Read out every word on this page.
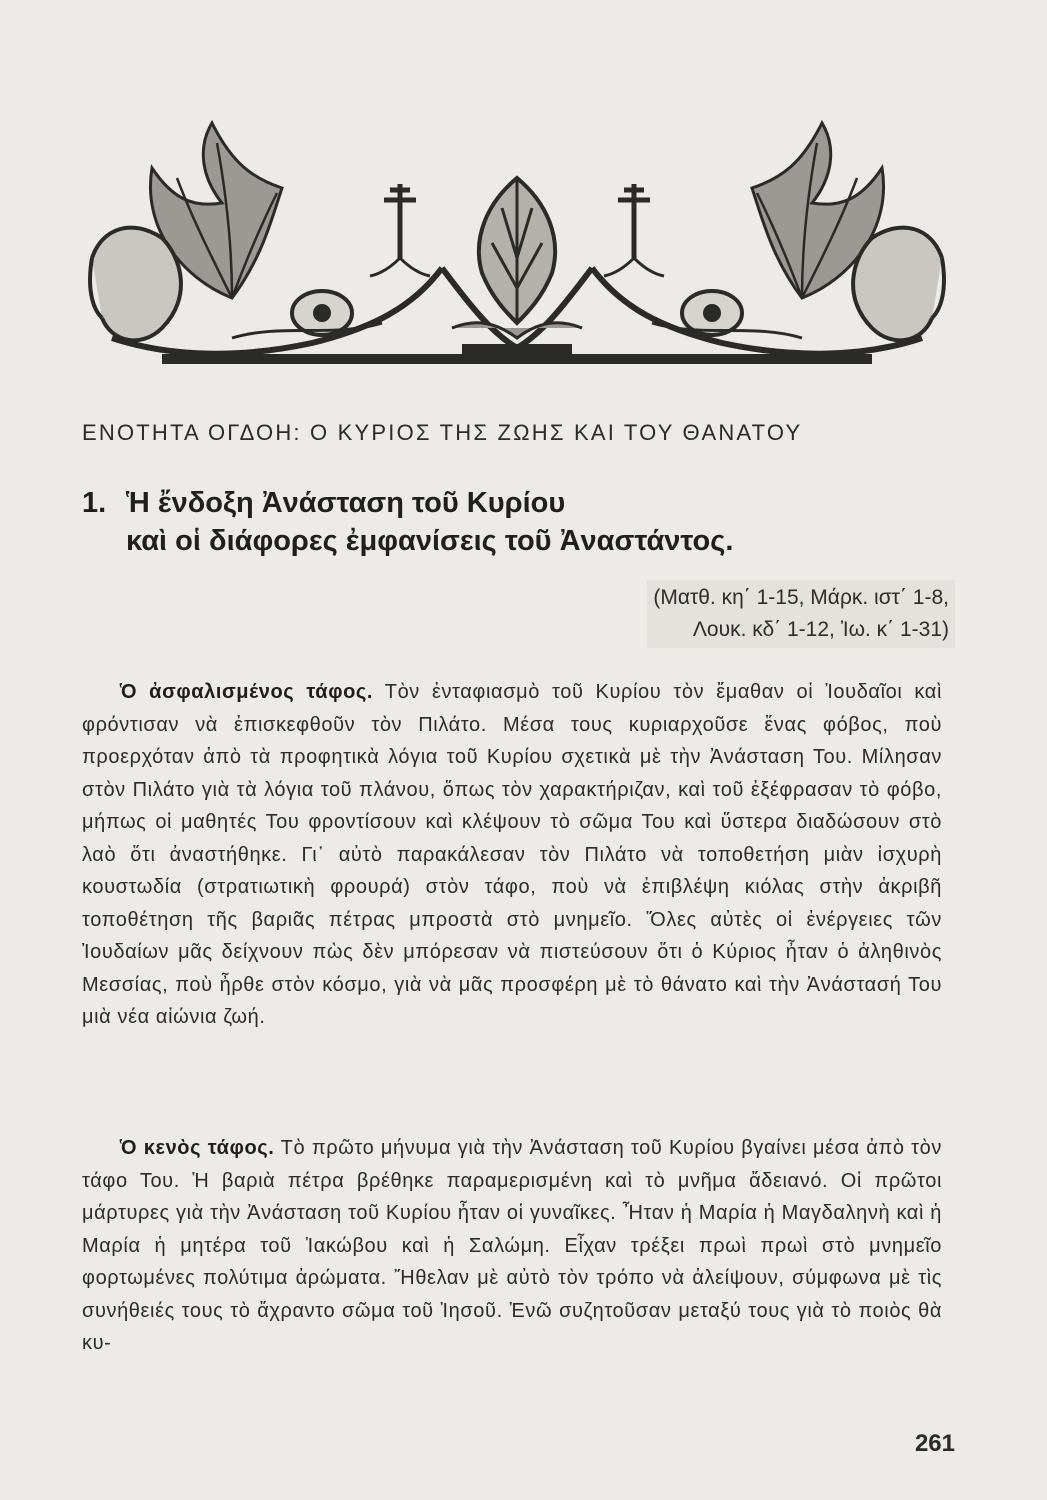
ΕΝΟΤΗΤΑ ΟΓΔΟΗ: Ο ΚΥΡΙΟΣ ΤΗΣ ΖΩΗΣ ΚΑΙ ΤΟΥ ΘΑΝΑΤΟΥ
1. Ἡ ἔνδοξη Ἀνάσταση τοῦ Κυρίου
καὶ οἱ διάφορες ἐμφανίσεις τοῦ Ἀναστάντος.
(Ματθ. κη΄ 1-15, Μάρκ. ιστ΄ 1-8,
Λουκ. κδ΄ 1-12, Ἰω. κ΄ 1-31)

Ὁ ἀσφαλισμένος τάφος. Τὸν ἐνταφιασμὸ τοῦ Κυρίου τὸν ἔμαθαν οἱ Ἰουδαῖοι καὶ φρόντισαν νὰ ἐπισκεφθοῦν τὸν Πιλάτο. Μέσα τους κυριαρχοῦσε ἕνας φόβος, ποὺ προερχόταν ἀπὸ τὰ προφητικὰ λόγια τοῦ Κυρίου σχετικὰ μὲ τὴν Ἀνάσταση Του. Μίλησαν στὸν Πιλάτο γιὰ τὰ λόγια τοῦ πλάνου, ὅπως τὸν χαρακτήριζαν, καὶ τοῦ ἐξέφρασαν τὸ φόβο, μήπως οἱ μαθητές Του φροντίσουν καὶ κλέψουν τὸ σῶμα Του καὶ ὕστερα διαδώσουν στὸ λαὸ ὅτι ἀναστήθηκε. Γι᾿ αὐτὸ παρακάλεσαν τὸν Πιλάτο νὰ τοποθετήση μιὰν ἰσχυρὴ κουστωδία (στρατιωτικὴ φρουρά) στὸν τάφο, ποὺ νὰ ἐπιβλέψη κιόλας στὴν ἀκριβῆ τοποθέτηση τῆς βαριᾶς πέτρας μπροστὰ στὸ μνημεῖο. Ὅλες αὐτὲς οἱ ἐνέργειες τῶν Ἰουδαίων μᾶς δείχνουν πὼς δὲν μπόρεσαν νὰ πιστεύσουν ὅτι ὁ Κύριος ἦταν ὁ ἀληθινὸς Μεσσίας, ποὺ ἦρθε στὸν κόσμο, γιὰ νὰ μᾶς προσφέρη μὲ τὸ θάνατο καὶ τὴν Ἀνάστασή Του μιὰ νέα αἰώνια ζωή.

Ὁ κενὸς τάφος. Τὸ πρῶτο μήνυμα γιὰ τὴν Ἀνάσταση τοῦ Κυρίου βγαίνει μέσα ἀπὸ τὸν τάφο Του. Ἡ βαριὰ πέτρα βρέθηκε παραμερισμένη καὶ τὸ μνῆμα ἄδειανό. Οἱ πρῶτοι μάρτυρες γιὰ τὴν Ἀνάσταση τοῦ Κυρίου ἦταν οἱ γυναῖκες. Ἦταν ἡ Μαρία ἡ Μαγδαληνὴ καὶ ἡ Μαρία ἡ μητέρα τοῦ Ἰακώβου καὶ ἡ Σαλώμη. Εἶχαν τρέξει πρωὶ πρωὶ στὸ μνημεῖο φορτωμένες πολύτιμα ἀρώματα. Ἤθελαν μὲ αὐτὸ τὸν τρόπο νὰ ἀλείψουν, σύμφωνα μὲ τὶς συνήθειές τους τὸ ἄχραντο σῶμα τοῦ Ἰησοῦ. Ἐνῶ συζητοῦσαν μεταξύ τους γιὰ τὸ ποιὸς θὰ κυ-

261
